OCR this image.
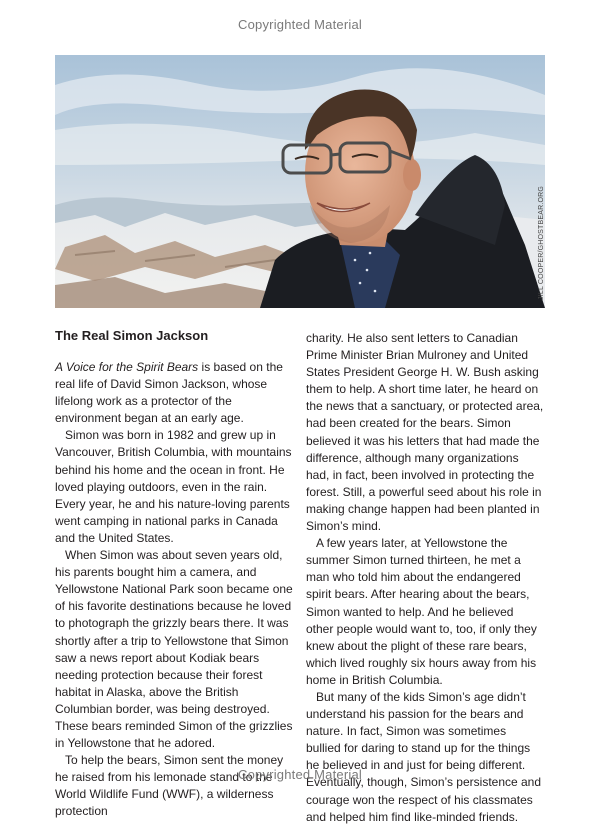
Copyrighted Material
JILL COOPER/GHOSTBEAR.ORG
The Real Simon Jackson

A Voice for the Spirit Bears is based on the real life of David Simon Jackson, whose lifelong work as a protector of the environment began at an early age.

Simon was born in 1982 and grew up in Vancouver, British Columbia, with mountains behind his home and the ocean in front. He loved playing outdoors, even in the rain. Every year, he and his nature-loving parents went camping in national parks in Canada and the United States.

When Simon was about seven years old, his parents bought him a camera, and Yellowstone National Park soon became one of his favorite destinations because he loved to photograph the grizzly bears there. It was shortly after a trip to Yellowstone that Simon saw a news report about Kodiak bears needing protection because their forest habitat in Alaska, above the British Columbian border, was being destroyed. These bears reminded Simon of the grizzlies in Yellowstone that he adored.

To help the bears, Simon sent the money he raised from his lemonade stand to the World Wildlife Fund (WWF), a wilderness protection

charity. He also sent letters to Canadian Prime Minister Brian Mulroney and United States President George H. W. Bush asking them to help. A short time later, he heard on the news that a sanctuary, or protected area, had been created for the bears. Simon believed it was his letters that had made the difference, although many organizations had, in fact, been involved in protecting the forest. Still, a powerful seed about his role in making change happen had been planted in Simon’s mind.

A few years later, at Yellowstone the summer Simon turned thirteen, he met a man who told him about the endangered spirit bears. After hearing about the bears, Simon wanted to help. And he believed other people would want to, too, if only they knew about the plight of these rare bears, which lived roughly six hours away from his home in British Columbia.

But many of the kids Simon’s age didn’t understand his passion for the bears and nature. In fact, Simon was sometimes bullied for daring to stand up for the things he believed in and just for being different. Eventually, though, Simon’s persistence and courage won the respect of his classmates and helped him find like-minded friends.

Copyrighted Material
